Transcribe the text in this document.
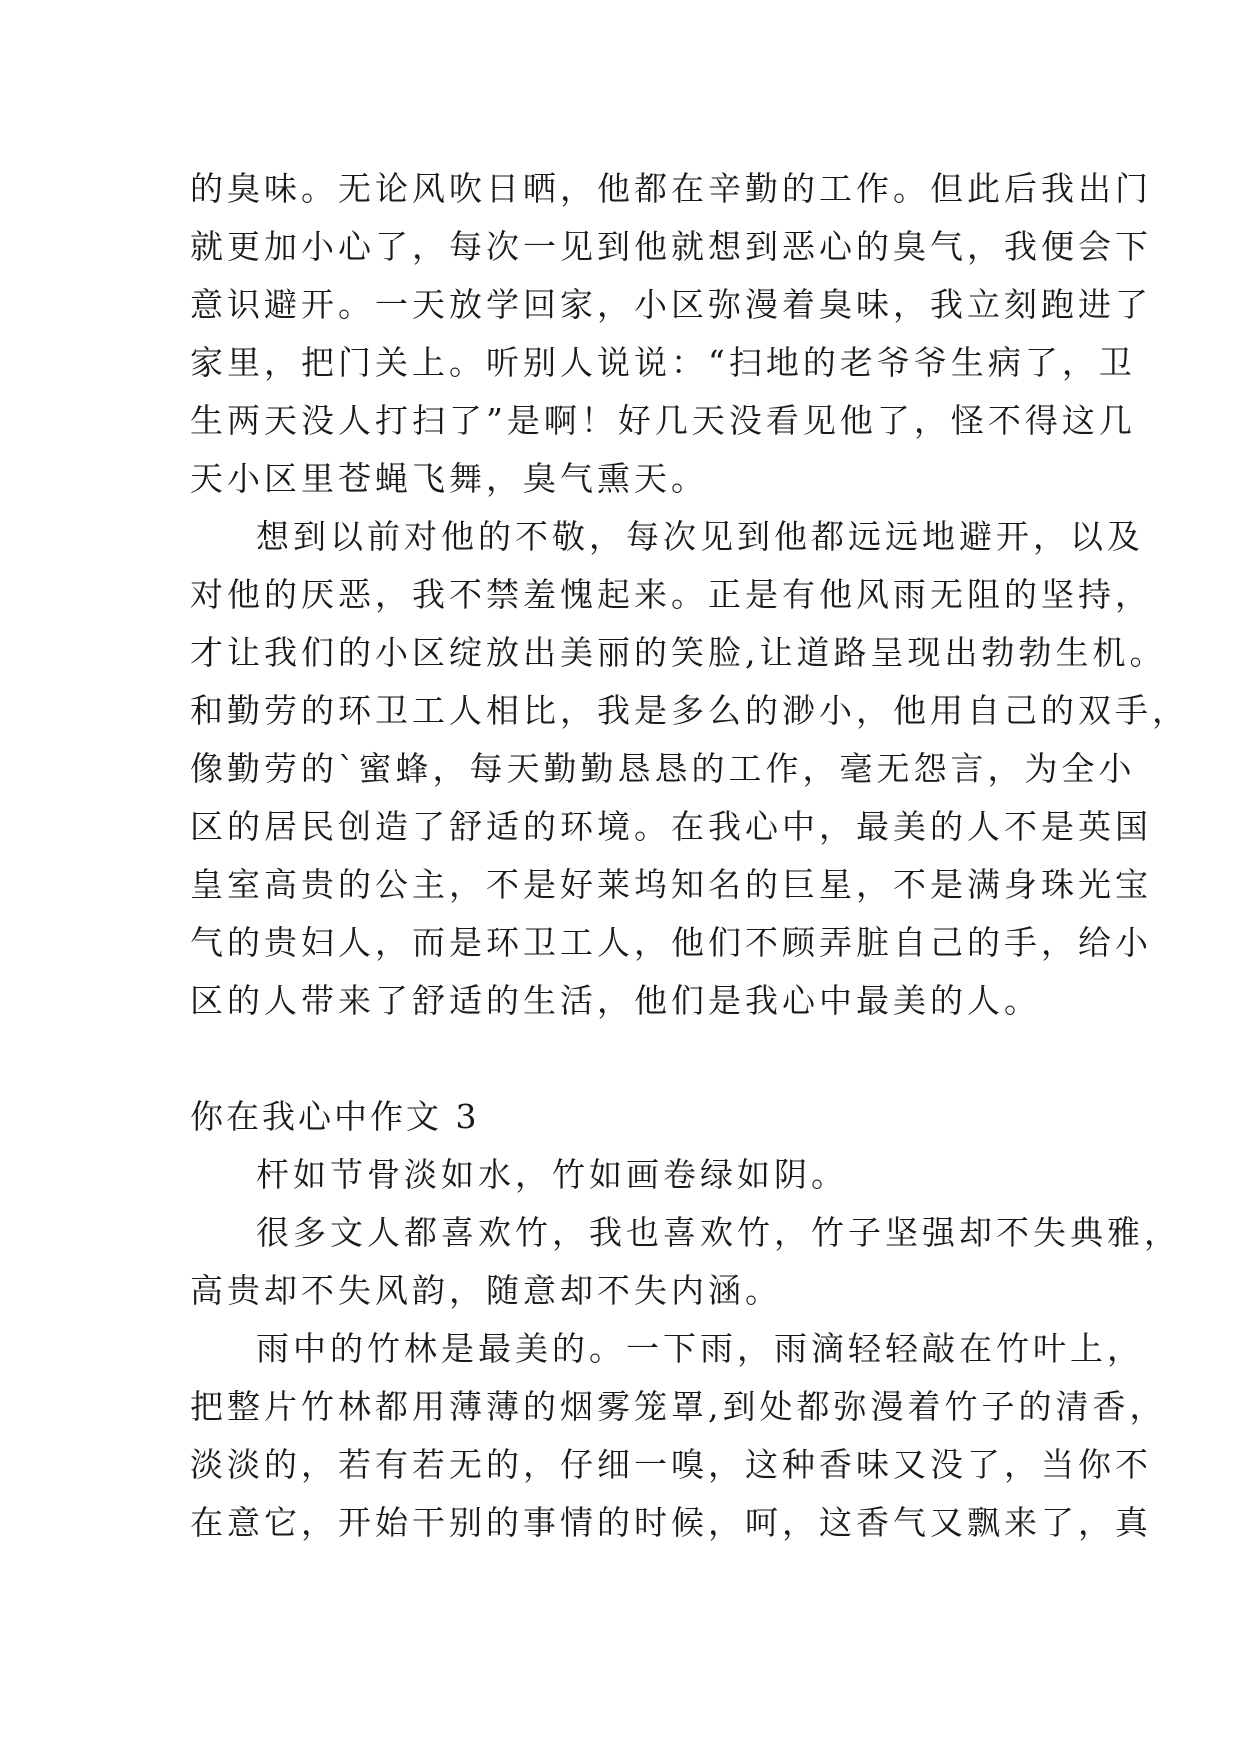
的臭味。无论风吹日晒，他都在辛勤的工作。但此后我出门
就更加小心了，每次一见到他就想到恶心的臭气，我便会下
意识避开。一天放学回家，小区弥漫着臭味，我立刻跑进了
家里，把门关上。听别人说说：“扫地的老爷爷生病了，卫
生两天没人打扫了”是啊！好几天没看见他了，怪不得这几
天小区里苍蝇飞舞，臭气熏天。
想到以前对他的不敬，每次见到他都远远地避开，以及
对他的厌恶，我不禁羞愧起来。正是有他风雨无阻的坚持，
才让我们的小区绽放出美丽的笑脸,让道路呈现出勃勃生机。
和勤劳的环卫工人相比，我是多么的渺小，他用自己的双手，
像勤劳的`蜜蜂，每天勤勤恳恳的工作，毫无怨言，为全小
区的居民创造了舒适的环境。在我心中，最美的人不是英国
皇室高贵的公主，不是好莱坞知名的巨星，不是满身珠光宝
气的贵妇人，而是环卫工人，他们不顾弄脏自己的手，给小
区的人带来了舒适的生活，他们是我心中最美的人。
你在我心中作文 3
杆如节骨淡如水，竹如画卷绿如阴。
很多文人都喜欢竹，我也喜欢竹，竹子坚强却不失典雅，
高贵却不失风韵，随意却不失内涵。
雨中的竹林是最美的。一下雨，雨滴轻轻敲在竹叶上，
把整片竹林都用薄薄的烟雾笼罩,到处都弥漫着竹子的清香，
淡淡的，若有若无的，仔细一嗅，这种香味又没了，当你不
在意它，开始干别的事情的时候，呵，这香气又飘来了，真
